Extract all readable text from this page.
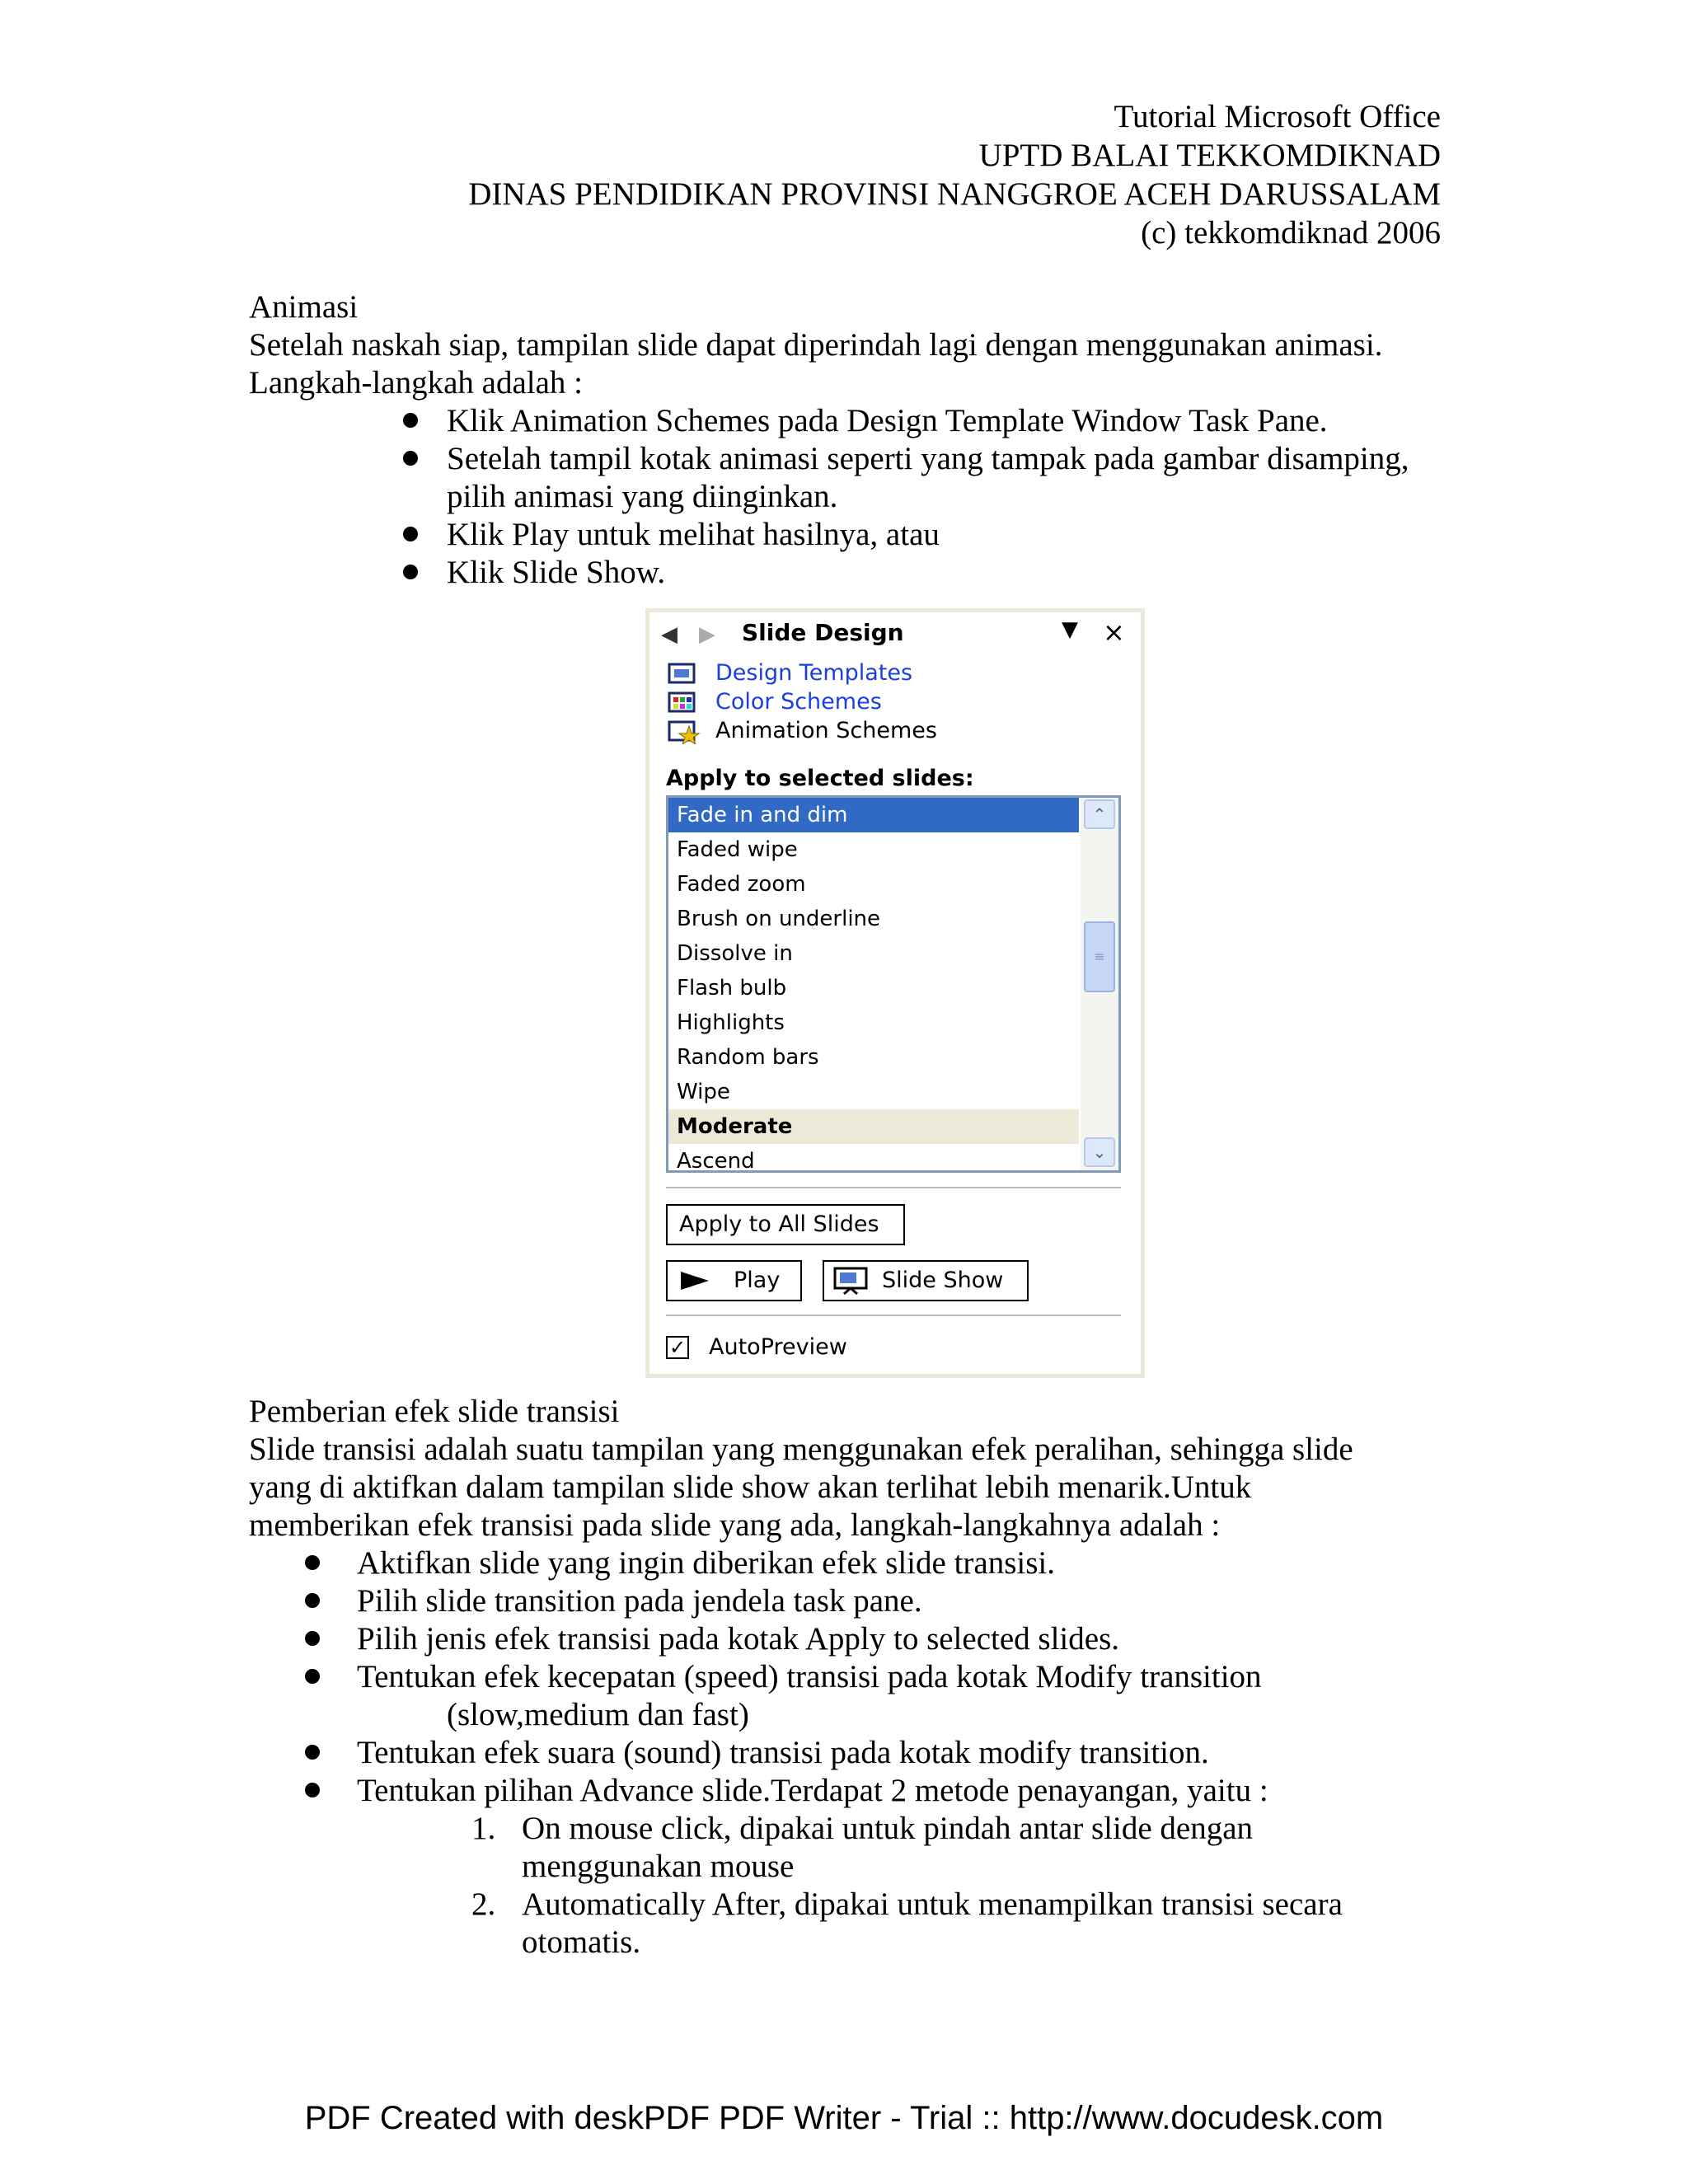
Tutorial Microsoft Office
UPTD BALAI TEKKOMDIKNAD
DINAS PENDIDIKAN PROVINSI NANGGROE ACEH DARUSSALAM
(c) tekkomdiknad 2006
Animasi
Setelah naskah siap, tampilan slide dapat diperindah lagi dengan menggunakan animasi.
Langkah-langkah adalah :
Klik Animation Schemes pada Design Template Window Task Pane.
Setelah tampil kotak animasi seperti yang tampak pada gambar disamping,
pilih animasi yang diinginkan.
Klik Play untuk melihat hasilnya, atau
Klik Slide Show.
◀ ▶ Slide Design	▼ ×
Design Templates
Color Schemes
Animation Schemes
Apply to selected slides:
Fade in and dim
Faded wipe
Faded zoom
Brush on underline
Dissolve in
Flash bulb
Highlights
Random bars
Wipe
Moderate
Ascend
⌃
≡
⌄
Apply to All Slides
Play	Slide Show
✓ AutoPreview
Pemberian efek slide transisi
Slide transisi adalah suatu tampilan yang menggunakan efek peralihan, sehingga slide
yang di aktifkan dalam tampilan slide show akan terlihat lebih menarik.Untuk
memberikan efek transisi pada slide yang ada, langkah-langkahnya adalah :
Aktifkan slide yang ingin diberikan efek slide transisi.
Pilih slide transition pada jendela task pane.
Pilih jenis efek transisi pada kotak Apply to selected slides.
Tentukan efek kecepatan (speed) transisi pada kotak Modify transition
(slow,medium dan fast)
Tentukan efek suara (sound) transisi pada kotak modify transition.
Tentukan pilihan Advance slide.Terdapat 2 metode penayangan, yaitu :
1. On mouse click, dipakai untuk pindah antar slide dengan
menggunakan mouse
2. Automatically After, dipakai untuk menampilkan transisi secara
otomatis.
PDF Created with deskPDF PDF Writer - Trial :: http://www.docudesk.com
